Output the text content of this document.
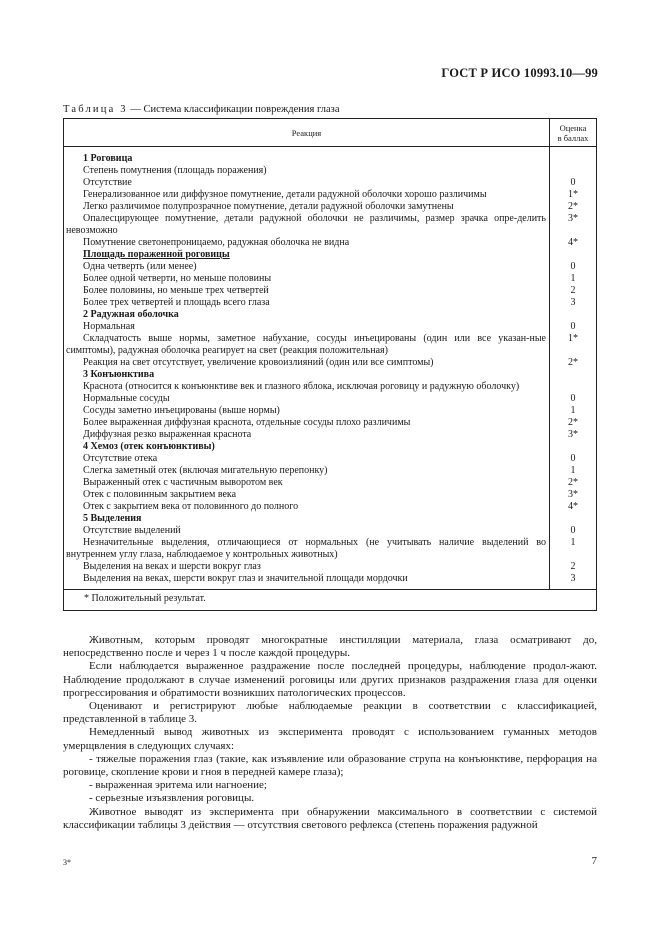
ГОСТ Р ИСО 10993.10—99
Таблица 3 — Система классификации повреждения глаза
Реакция	Оценка
в баллах
1 Роговица	
Степень помутнения (площадь поражения)	
Отсутствие	0
Генерализованное или диффузное помутнение, детали радужной оболочки хорошо различимы	1*
Легко различимое полупрозрачное помутнение, детали радужной оболочки замутнены	2*

Опалесцирующее помутнение, детали радужной оболочки не различимы, размер зрачка опре-делить невозможно	3*
Помутнение светонепроницаемо, радужная оболочка не видна	4*
Площадь пораженной роговицы	
Одна четверть (или менее)	0
Более одной четверти, но меньше половины	1
Более половины, но меньше трех четвертей	2
Более трех четвертей и площадь всего глаза	3
2 Радужная оболочка	
Нормальная	0

Складчатость выше нормы, заметное набухание, сосуды инъецированы (один или все указан-ные симптомы), радужная оболочка реагирует на свет (реакция положительная)	1*
Реакция на свет отсутствует, увеличение кровоизлияний (один или все симптомы)	2*
3 Конъюнктива	

Краснота (относится к конъюнктиве век и глазного яблока, исключая роговицу и радужную оболочку)	

Нормальные сосуды	0
Сосуды заметно инъецированы (выше нормы)	1
Более выраженная диффузная краснота, отдельные сосуды плохо различимы	2*
Диффузная резко выраженная краснота	3*
4 Хемоз (отек конъюнктивы)	
Отсутствие отека	0
Слегка заметный отек (включая мигательную перепонку)	1
Выраженный отек с частичным выворотом век	2*
Отек с половинным закрытием века	3*
Отек с закрытием века от половинного до полного	4*
5 Выделения	
Отсутствие выделений	0

Незначительные выделения, отличающиеся от нормальных (не учитывать наличие выделений во внутреннем углу глаза, наблюдаемое у контрольных животных)	1
Выделения на веках и шерсти вокруг глаз	2
Выделения на веках, шерсти вокруг глаз и значительной площади мордочки	3
* Положительный результат.	

Животным, которым проводят многократные инстилляции материала, глаза осматривают до, непосредственно после и через 1 ч после каждой процедуры.

Если наблюдается выраженное раздражение после последней процедуры, наблюдение продол-жают. Наблюдение продолжают в случае изменений роговицы или других признаков раздражения глаза для оценки прогрессирования и обратимости возникших патологических процессов.

Оценивают и регистрируют любые наблюдаемые реакции в соответствии с классификацией, представленной в таблице 3.

Немедленный вывод животных из эксперимента проводят с использованием гуманных методов умерщвления в следующих случаях:

- тяжелые поражения глаз (такие, как изъявление или образование струпа на конъюнктиве, перфорация на роговице, скопление крови и гноя в передней камере глаза);

- выраженная эритема или нагноение;

- серьезные изъязвления роговицы.

Животное выводят из эксперимента при обнаружении максимального в соответствии с системой классификации таблицы 3 действия — отсутствия светового рефлекса (степень поражения радужной

3*	7
